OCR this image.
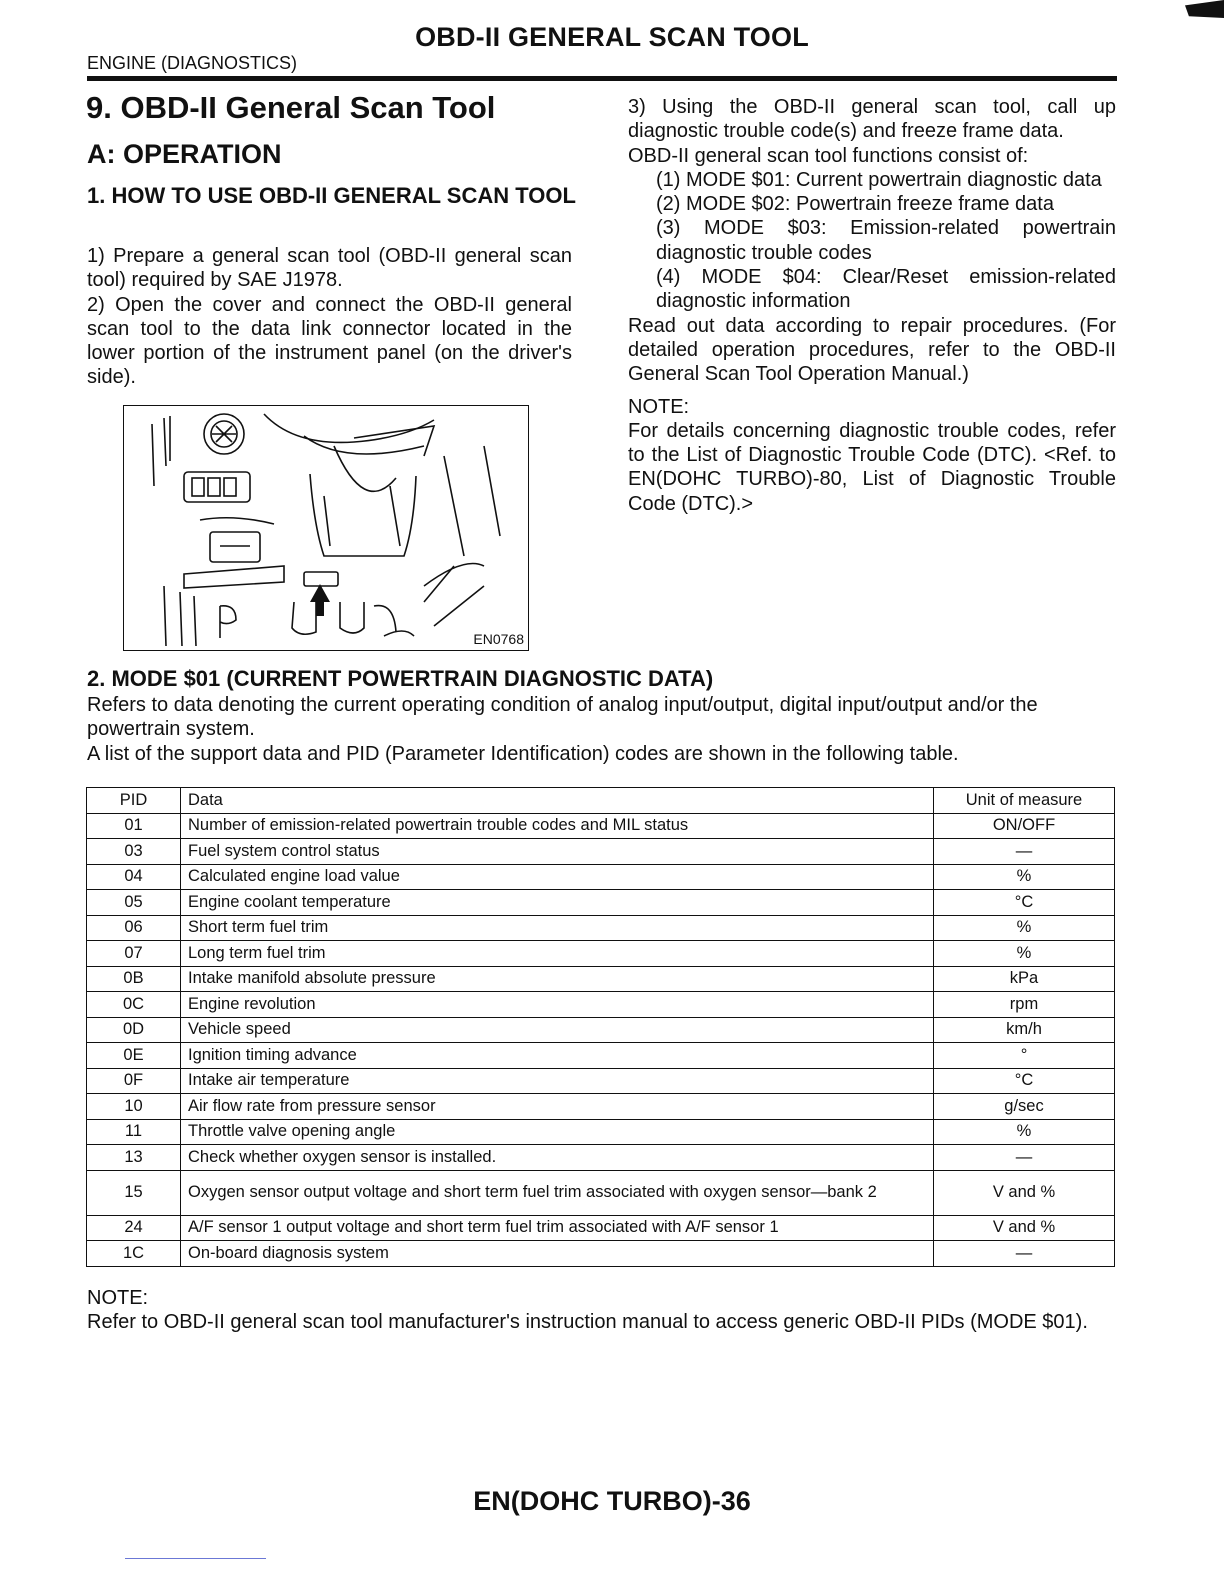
OBD-II GENERAL SCAN TOOL
ENGINE (DIAGNOSTICS)
9. OBD-II General Scan Tool
A: OPERATION
1. HOW TO USE OBD-II GENERAL SCAN TOOL

1) Prepare a general scan tool (OBD-II general scan tool) required by SAE J1978.

2) Open the cover and connect the OBD-II general scan tool to the data link connector located in the lower portion of the instrument panel (on the driver's side).

EN0768

3) Using the OBD-II general scan tool, call up diagnostic trouble code(s) and freeze frame data.

OBD-II general scan tool functions consist of:

(1) MODE $01: Current powertrain diagnostic data

(2) MODE $02: Powertrain freeze frame data

(3) MODE $03: Emission-related powertrain diagnostic trouble codes

(4) MODE $04: Clear/Reset emission-related diagnostic information

Read out data according to repair procedures. (For detailed operation procedures, refer to the OBD-II General Scan Tool Operation Manual.)

NOTE:

For details concerning diagnostic trouble codes, refer to the List of Diagnostic Trouble Code (DTC). <Ref. to EN(DOHC TURBO)-80, List of Diagnostic Trouble Code (DTC).>

2. MODE $01 (CURRENT POWERTRAIN DIAGNOSTIC DATA)

Refers to data denoting the current operating condition of analog input/output, digital input/output and/or the powertrain system.

A list of the support data and PID (Parameter Identification) codes are shown in the following table.

PID	Data	Unit of measure
01	Number of emission-related powertrain trouble codes and MIL status	ON/OFF
03	Fuel system control status	—
04	Calculated engine load value	%
05	Engine coolant temperature	°C
06	Short term fuel trim	%
07	Long term fuel trim	%
0B	Intake manifold absolute pressure	kPa
0C	Engine revolution	rpm
0D	Vehicle speed	km/h
0E	Ignition timing advance	°
0F	Intake air temperature	°C
10	Air flow rate from pressure sensor	g/sec
11	Throttle valve opening angle	%
13	Check whether oxygen sensor is installed.	—
15	Oxygen sensor output voltage and short term fuel trim associated with oxygen sensor—bank 2	V and %
24	A/F sensor 1 output voltage and short term fuel trim associated with A/F sensor 1	V and %
1C	On-board diagnosis system	—

NOTE:

Refer to OBD-II general scan tool manufacturer's instruction manual to access generic OBD-II PIDs (MODE $01).

EN(DOHC TURBO)-36
